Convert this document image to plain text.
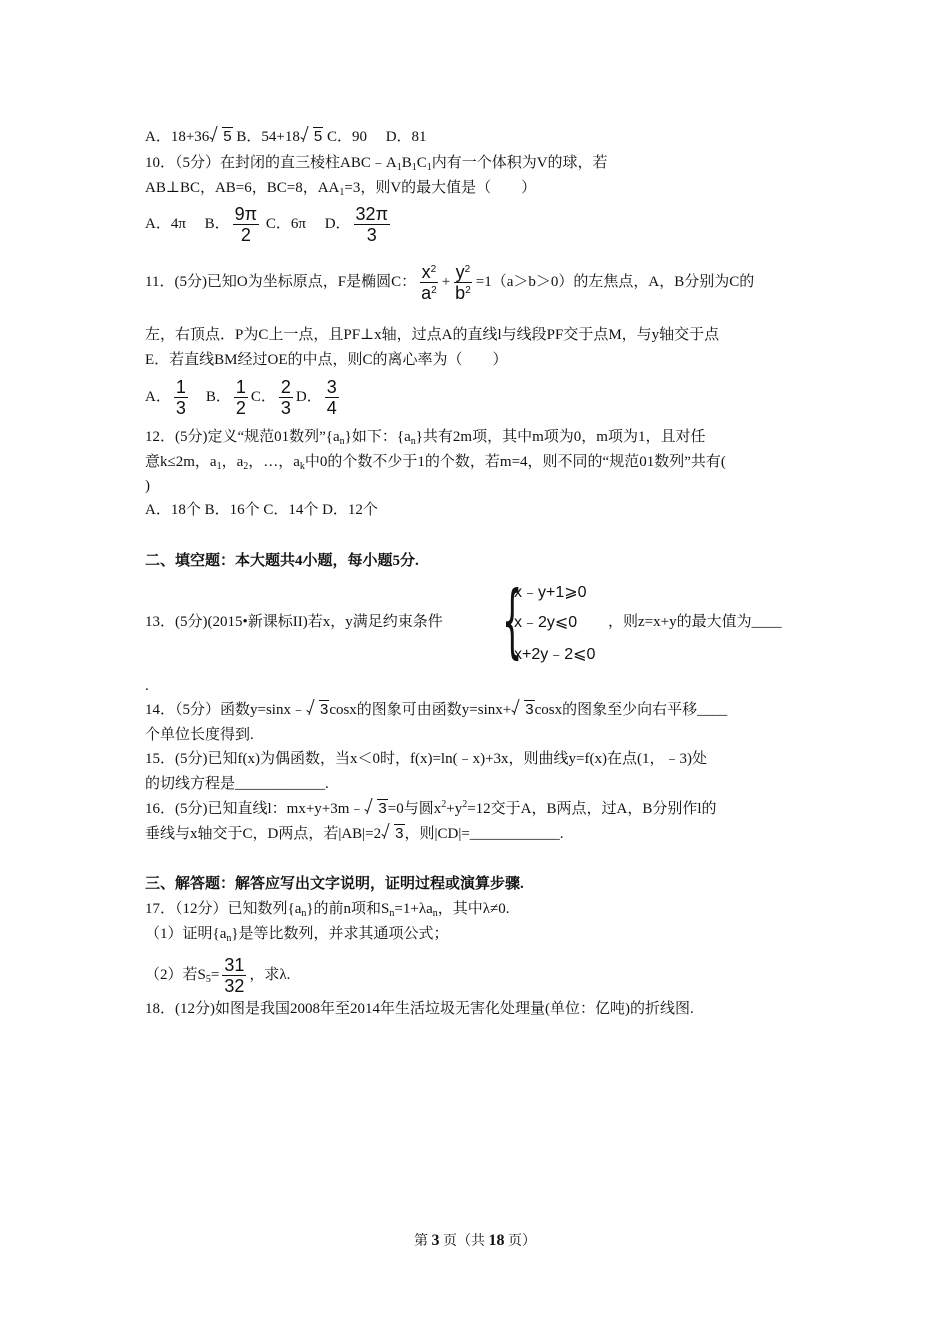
A．18+36 5 B．54+18 5 C．90 D．81
10．（5分）在封闭的直三棱柱$ABC﹣A_1B_1C_1$内有一个体积为V的球，若
AB⊥BC，AB=6，BC=8，$AA_1=3$，则V的最大值是（　　）
A．4π B． $\frac{9\pi}{2}$ C．6π D． $\frac{32\pi}{3}$
11．(5分)已知O为坐标原点，F是椭圆C： $\frac{x^2}{a^2} + \frac{y^2}{b^2} =1(a>b>0)$的左焦点，A，B分别为C的
左，右顶点．P为C上一点，且PF⊥x轴，过点A的直线l与线段PF交于点M，与y轴交于点
E．若直线BM经过OE的中点，则C的离心率为（　　）
A． $\frac{1}{3}$ B． $\frac{1}{2}$ C． $\frac{2}{3}$ D． $\frac{3}{4}$
12．(5分)定义“规范01数列$”\{a_n\}$如下：$\{a_n\}$共有2m项，其中m项为0，m项为1，且对任
意k≤2m，$a_1$，$a_2$，…，$a_k$中0的个数不少于1的个数，若m=4，则不同的“规范01数列”共有(
)
A．18个 B．16个 C．14个 D．12个
二、填空题：本大题共4小题，每小题5分.
13．(5分)(2015•新课标II)若x，y满足约束条件 {
x﹣y+1⩾0
x﹣2y⩽0
x+2y﹣2⩽0
，则z=x+y的最大值为____
.
14．（5分）函数y=sinx﹣ 3cosx的图象可由函数y=sinx+ 3cosx的图象至少向右平移____
个单位长度得到.
15．(5分)已知f(x)为偶函数，当x＜0时，f(x)=ln(﹣x)+3x，则曲线y=f(x)在点(1，﹣3)处
的切线方程是____________.
16．(5分)已知直线l：mx+y+3m﹣ 3=0与圆$x^2+y^2=12$交于A，B两点，过A，B分别作l的
垂线与x轴交于C，D两点，若|AB|=2 3，则|CD|=____________.
三、解答题：解答应写出文字说明，证明过程或演算步骤.
17．（12分）已知数列$\{a_n\}$的前n项和$S_n=1+\lambda a_n$，其中λ≠0.
（1）证明$\{a_n\}$是等比数列，并求其通项公式；
（2）若$S_5= \frac{31}{32}$ ，求λ.
18．(12分)如图是我国2008年至2014年生活垃圾无害化处理量(单位：亿吨)的折线图.
第 3 页（共 18 页）
